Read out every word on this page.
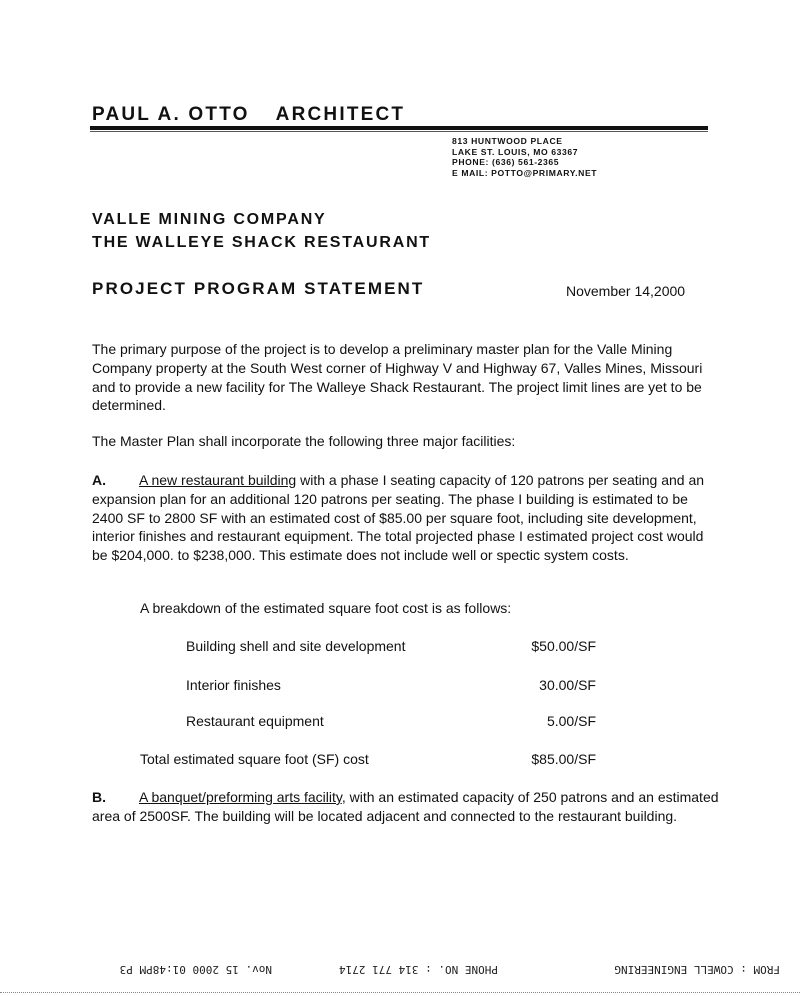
PAUL A. OTTO ARCHITECT
813 HUNTWOOD PLACE
LAKE ST. LOUIS, MO 63367
PHONE: (636) 561-2365
E MAIL: POTTO@PRIMARY.NET
VALLE MINING COMPANY
THE WALLEYE SHACK RESTAURANT
PROJECT PROGRAM STATEMENT	November 14,2000
The primary purpose of the project is to develop a preliminary master plan for the Valle Mining Company property at the South West corner of Highway V and Highway 67, Valles Mines, Missouri and to provide a new facility for The Walleye Shack Restaurant. The project limit lines are yet to be determined.
The Master Plan shall incorporate the following three major facilities:
A. A new restaurant building with a phase I seating capacity of 120 patrons per seating and an expansion plan for an additional 120 patrons per seating. The phase I building is estimated to be 2400 SF to 2800 SF with an estimated cost of $85.00 per square foot, including site development, interior finishes and restaurant equipment. The total projected phase I estimated project cost would be $204,000. to $238,000. This estimate does not include well or spectic system costs.
A breakdown of the estimated square foot cost is as follows:
Building shell and site development	$50.00/SF
Interior finishes	30.00/SF
Restaurant equipment	5.00/SF
Total estimated square foot (SF) cost	$85.00/SF
B. A banquet/preforming arts facility, with an estimated capacity of 250 patrons and an estimated area of 2500SF. The building will be located adjacent and connected to the restaurant building.
FROM : COWELL ENGINEERING
PHONE NO. : 314 771 2714
Nov. 15 2000 01:48PM P3
